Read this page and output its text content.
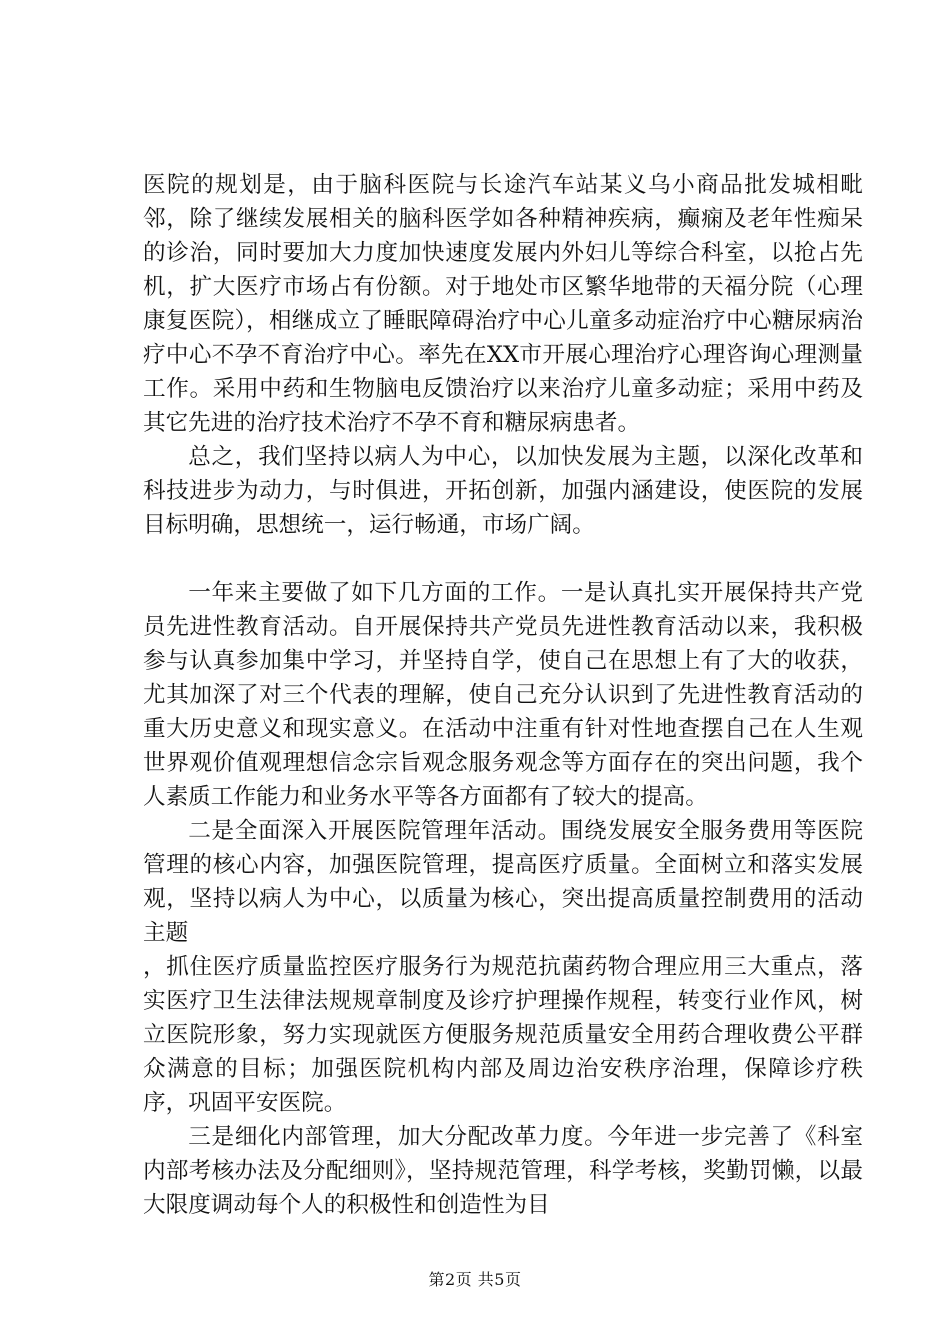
医院的规划是，由于脑科医院与长途汽车站某义乌小商品批发城相毗邻，除了继续发展相关的脑科医学如各种精神疾病，癫痫及老年性痴呆的诊治，同时要加大力度加快速度发展内外妇儿等综合科室，以抢占先机，扩大医疗市场占有份额。对于地处市区繁华地带的天福分院（心理康复医院），相继成立了睡眠障碍治疗中心儿童多动症治疗中心糖尿病治疗中心不孕不育治疗中心。率先在XX市开展心理治疗心理咨询心理测量工作。采用中药和生物脑电反馈治疗以来治疗儿童多动症；采用中药及其它先进的治疗技术治疗不孕不育和糖尿病患者。

总之，我们坚持以病人为中心，以加快发展为主题，以深化改革和科技进步为动力，与时俱进，开拓创新，加强内涵建设，使医院的发展目标明确，思想统一，运行畅通，市场广阔。

一年来主要做了如下几方面的工作。一是认真扎实开展保持共产党员先进性教育活动。自开展保持共产党员先进性教育活动以来，我积极参与认真参加集中学习，并坚持自学，使自己在思想上有了大的收获，尤其加深了对三个代表的理解，使自己充分认识到了先进性教育活动的重大历史意义和现实意义。在活动中注重有针对性地查摆自己在人生观世界观价值观理想信念宗旨观念服务观念等方面存在的突出问题，我个人素质工作能力和业务水平等各方面都有了较大的提高。

二是全面深入开展医院管理年活动。围绕发展安全服务费用等医院管理的核心内容，加强医院管理，提高医疗质量。全面树立和落实发展观，坚持以病人为中心，以质量为核心，突出提高质量控制费用的活动主题

，抓住医疗质量监控医疗服务行为规范抗菌药物合理应用三大重点，落实医疗卫生法律法规规章制度及诊疗护理操作规程，转变行业作风，树立医院形象，努力实现就医方便服务规范质量安全用药合理收费公平群众满意的目标；加强医院机构内部及周边治安秩序治理，保障诊疗秩序，巩固平安医院。

三是细化内部管理，加大分配改革力度。今年进一步完善了《科室内部考核办法及分配细则》，坚持规范管理，科学考核，奖勤罚懒，以最大限度调动每个人的积极性和创造性为目

第2页 共5页
